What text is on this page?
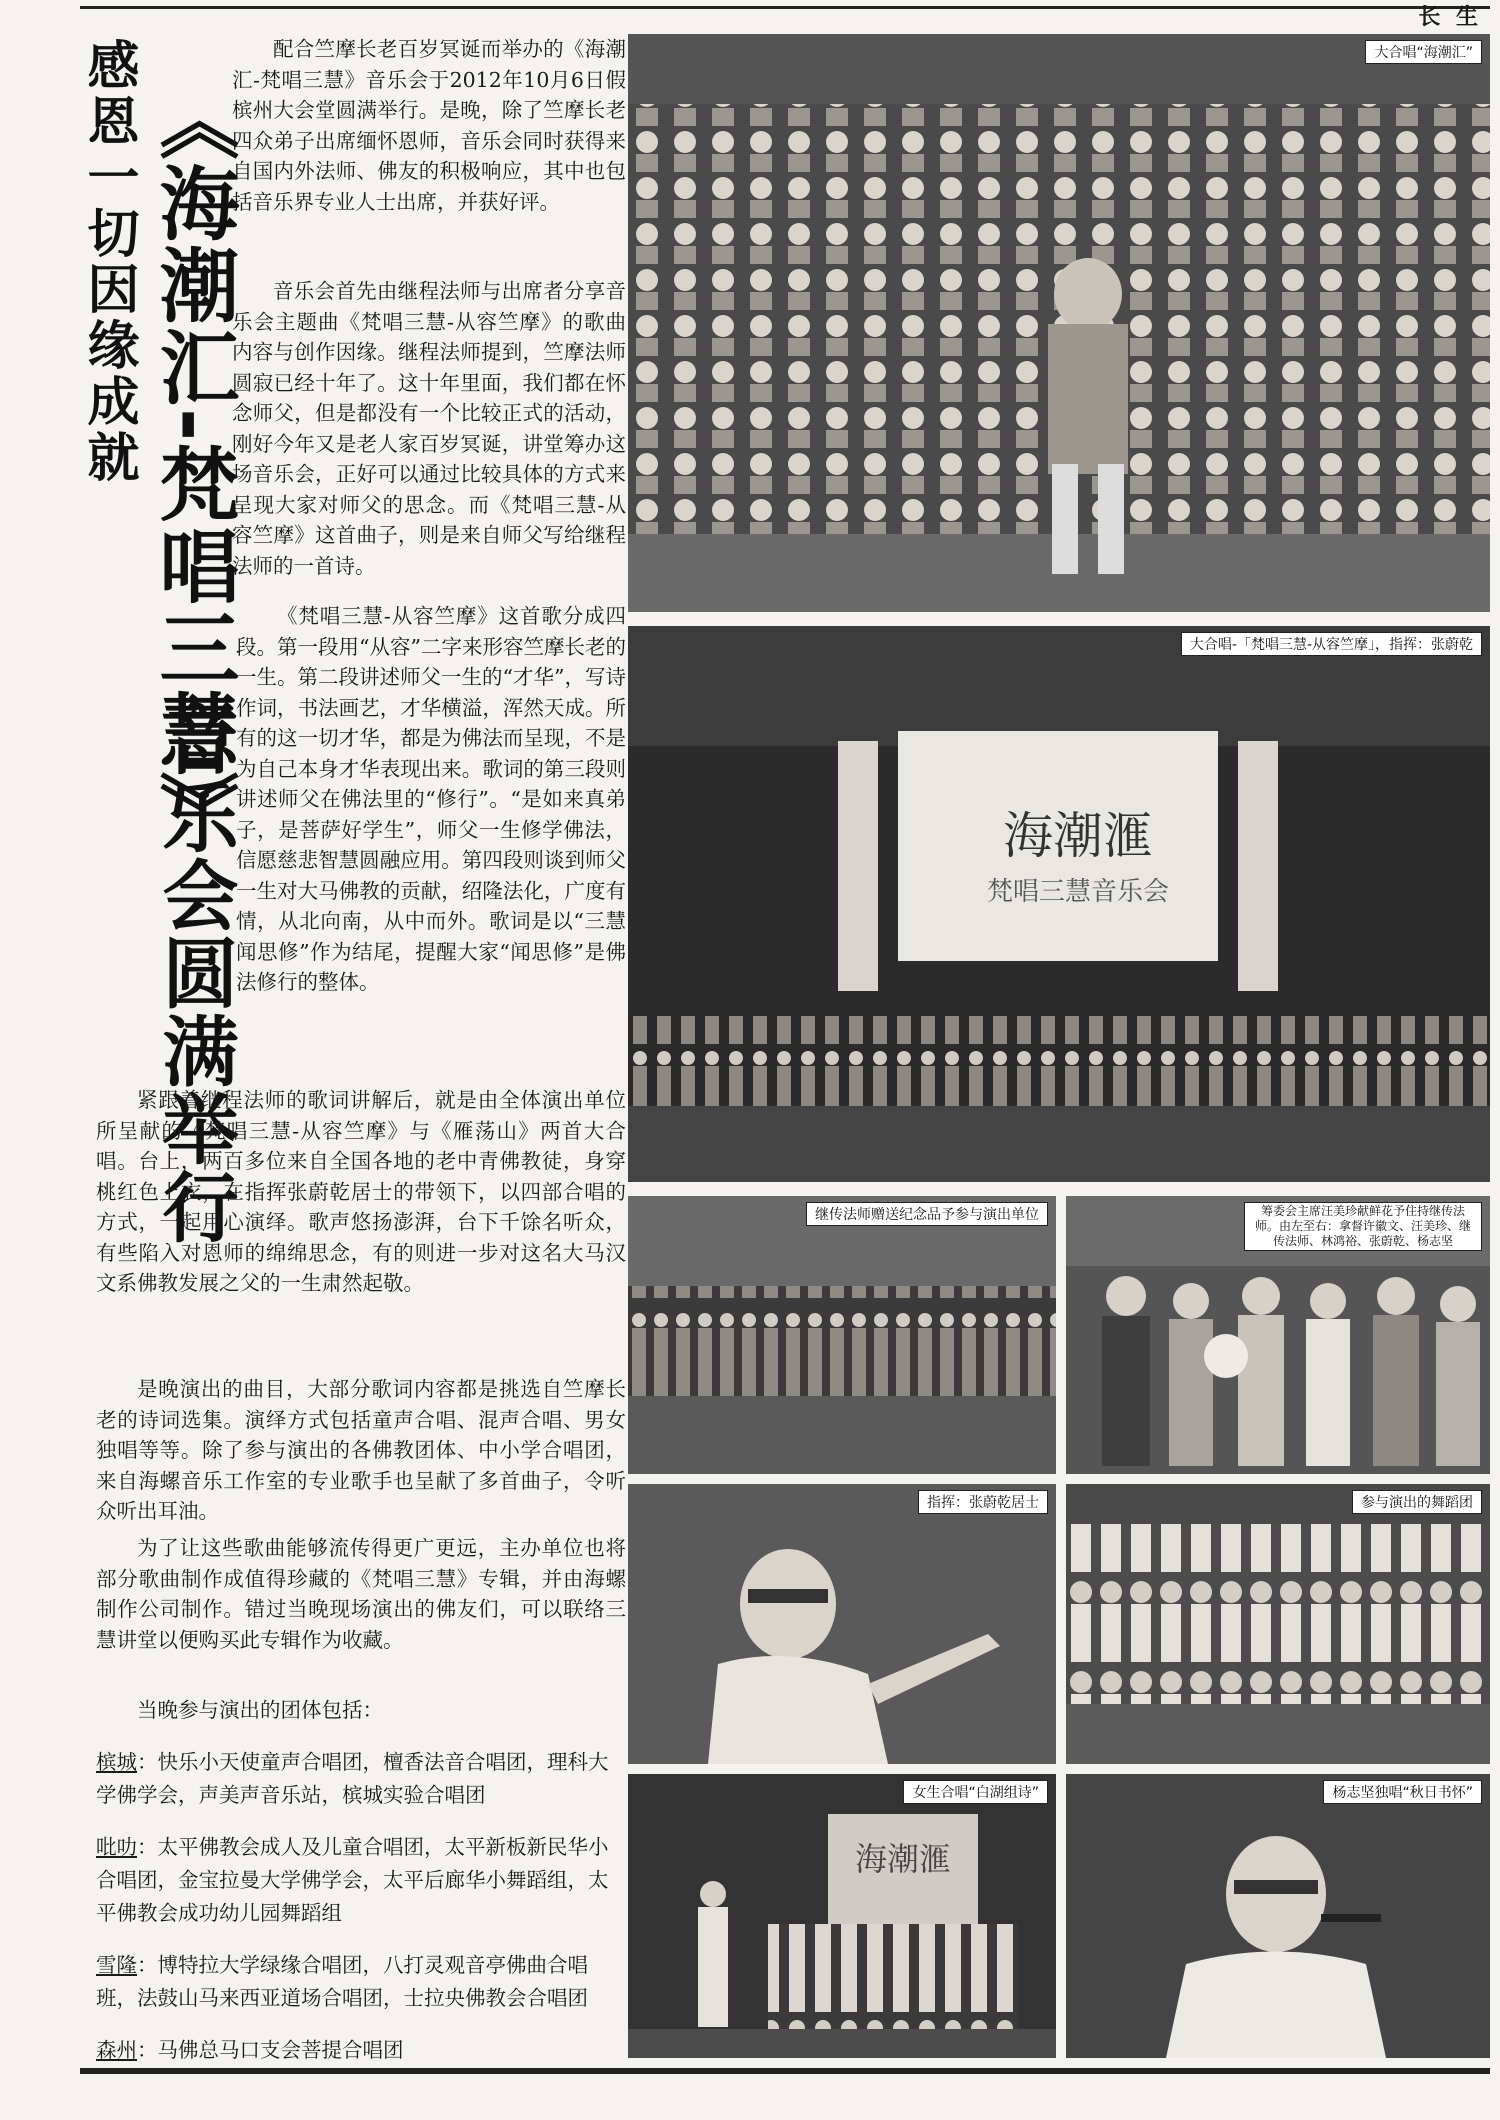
长 生
感恩一切因缘成就 《海潮汇-梵唱三慧》
音乐会圆满举行

配合竺摩长老百岁冥诞而举办的《海潮汇-梵唱三慧》音乐会于2012年10月6日假槟州大会堂圆满举行。是晚，除了竺摩长老四众弟子出席缅怀恩师，音乐会同时获得来自国内外法师、佛友的积极响应，其中也包括音乐界专业人士出席，并获好评。

音乐会首先由继程法师与出席者分享音乐会主题曲《梵唱三慧-从容竺摩》的歌曲内容与创作因缘。继程法师提到，竺摩法师圆寂已经十年了。这十年里面，我们都在怀念师父，但是都没有一个比较正式的活动，刚好今年又是老人家百岁冥诞，讲堂筹办这场音乐会，正好可以通过比较具体的方式来呈现大家对师父的思念。而《梵唱三慧-从容竺摩》这首曲子，则是来自师父写给继程法师的一首诗。

《梵唱三慧-从容竺摩》这首歌分成四段。第一段用“从容”二字来形容竺摩长老的一生。第二段讲述师父一生的“才华”，写诗作词，书法画艺，才华横溢，浑然天成。所有的这一切才华，都是为佛法而呈现，不是为自己本身才华表现出来。歌词的第三段则讲述师父在佛法里的“修行”。“是如来真弟子，是菩萨好学生”，师父一生修学佛法，信愿慈悲智慧圆融应用。第四段则谈到师父一生对大马佛教的贡献，绍隆法化，广度有情，从北向南，从中而外。歌词是以“三慧闻思修”作为结尾，提醒大家“闻思修”是佛法修行的整体。

紧跟着继程法师的歌词讲解后，就是由全体演出单位所呈献的《梵唱三慧-从容竺摩》与《雁荡山》两首大合唱。台上，两百多位来自全国各地的老中青佛教徒，身穿桃红色上衣，在指挥张蔚乾居士的带领下，以四部合唱的方式，一起用心演绎。歌声悠扬澎湃，台下千馀名听众，有些陷入对恩师的绵绵思念，有的则进一步对这名大马汉文系佛教发展之父的一生肃然起敬。

是晚演出的曲目，大部分歌词内容都是挑选自竺摩长老的诗词选集。演绎方式包括童声合唱、混声合唱、男女独唱等等。除了参与演出的各佛教团体、中小学合唱团，来自海螺音乐工作室的专业歌手也呈献了多首曲子，令听众听出耳油。

为了让这些歌曲能够流传得更广更远，主办单位也将部分歌曲制作成值得珍藏的《梵唱三慧》专辑，并由海螺制作公司制作。错过当晚现场演出的佛友们，可以联络三慧讲堂以便购买此专辑作为收藏。

当晚参与演出的团体包括：

槟城：快乐小天使童声合唱团，檀香法音合唱团，理科大学佛学会，声美声音乐站，槟城实验合唱团
吡叻：太平佛教会成人及儿童合唱团，太平新板新民华小合唱团，金宝拉曼大学佛学会，太平后廊华小舞蹈组，太平佛教会成功幼儿园舞蹈组
雪隆：博特拉大学绿缘合唱团，八打灵观音亭佛曲合唱班，法鼓山马来西亚道场合唱团，士拉央佛教会合唱团
森州：马佛总马口支会菩提合唱团
大合唱“海潮汇”
海潮滙
梵唱三慧音乐会
大合唱-「梵唱三慧-从容竺摩」，指挥：张蔚乾
继传法师赠送纪念品予参与演出单位	筹委会主席汪美珍献鲜花予住持继传法师。由左至右：拿督许徽文、汪美珍、继传法师、林鸿裕、张蔚乾、杨志坚
指挥：张蔚乾居士	参与演出的舞蹈团
海潮滙
女生合唱“白湖组诗”	杨志坚独唱“秋日书怀”
